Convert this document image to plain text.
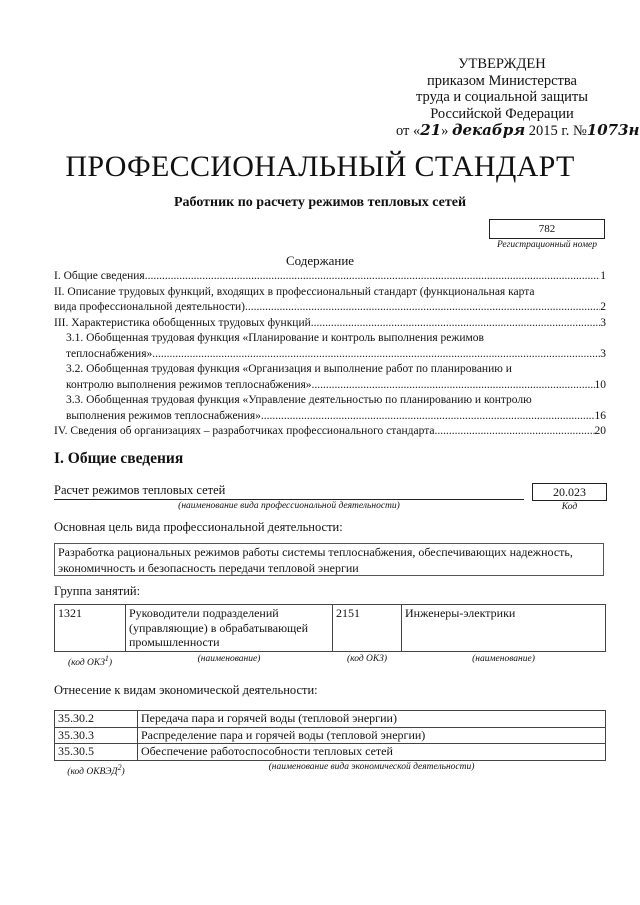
УТВЕРЖДЕН
приказом Министерства
труда и социальной защиты
Российской Федерации
от «21» декабря 2015 г. №1073н
ПРОФЕССИОНАЛЬНЫЙ СТАНДАРТ
Работник по расчету режимов тепловых сетей
782
Регистрационный номер
Содержание
I. Общие сведения .....	1
II. Описание трудовых функций, входящих в профессиональный стандарт (функциональная карта
вида профессиональной деятельности) .....	2
III. Характеристика обобщенных трудовых функций .....	3
3.1. Обобщенная трудовая функция «Планирование и контроль выполнения режимов
теплоснабжения» .....	3
3.2. Обобщенная трудовая функция «Организация и выполнение работ по планированию и
контролю выполнения режимов теплоснабжения» .....	10
3.3. Обобщенная трудовая функция «Управление деятельностью по планированию и контролю
выполнения режимов теплоснабжения» .....	16
IV. Сведения об организациях – разработчиках профессионального стандарта .....	20
I. Общие сведения
Расчет режимов тепловых сетей
(наименование вида профессиональной деятельности)
20.023
Код
Основная цель вида профессиональной деятельности:
Разработка рациональных режимов работы системы теплоснабжения, обеспечивающих надежность, экономичность и безопасность передачи тепловой энергии
Группа занятий:
1321	Руководители подразделений (управляющие) в обрабатывающей промышленности	2151	Инженеры-электрики
(код ОКЗ$^1$)	(наименование)	(код ОКЗ)	(наименование)
Отнесение к видам экономической деятельности:
35.30.2	Передача пара и горячей воды (тепловой энергии)
35.30.3	Распределение пара и горячей воды (тепловой энергии)
35.30.5	Обеспечение работоспособности тепловых сетей
(код ОКВЭД$^2$)	(наименование вида экономической деятельности)
